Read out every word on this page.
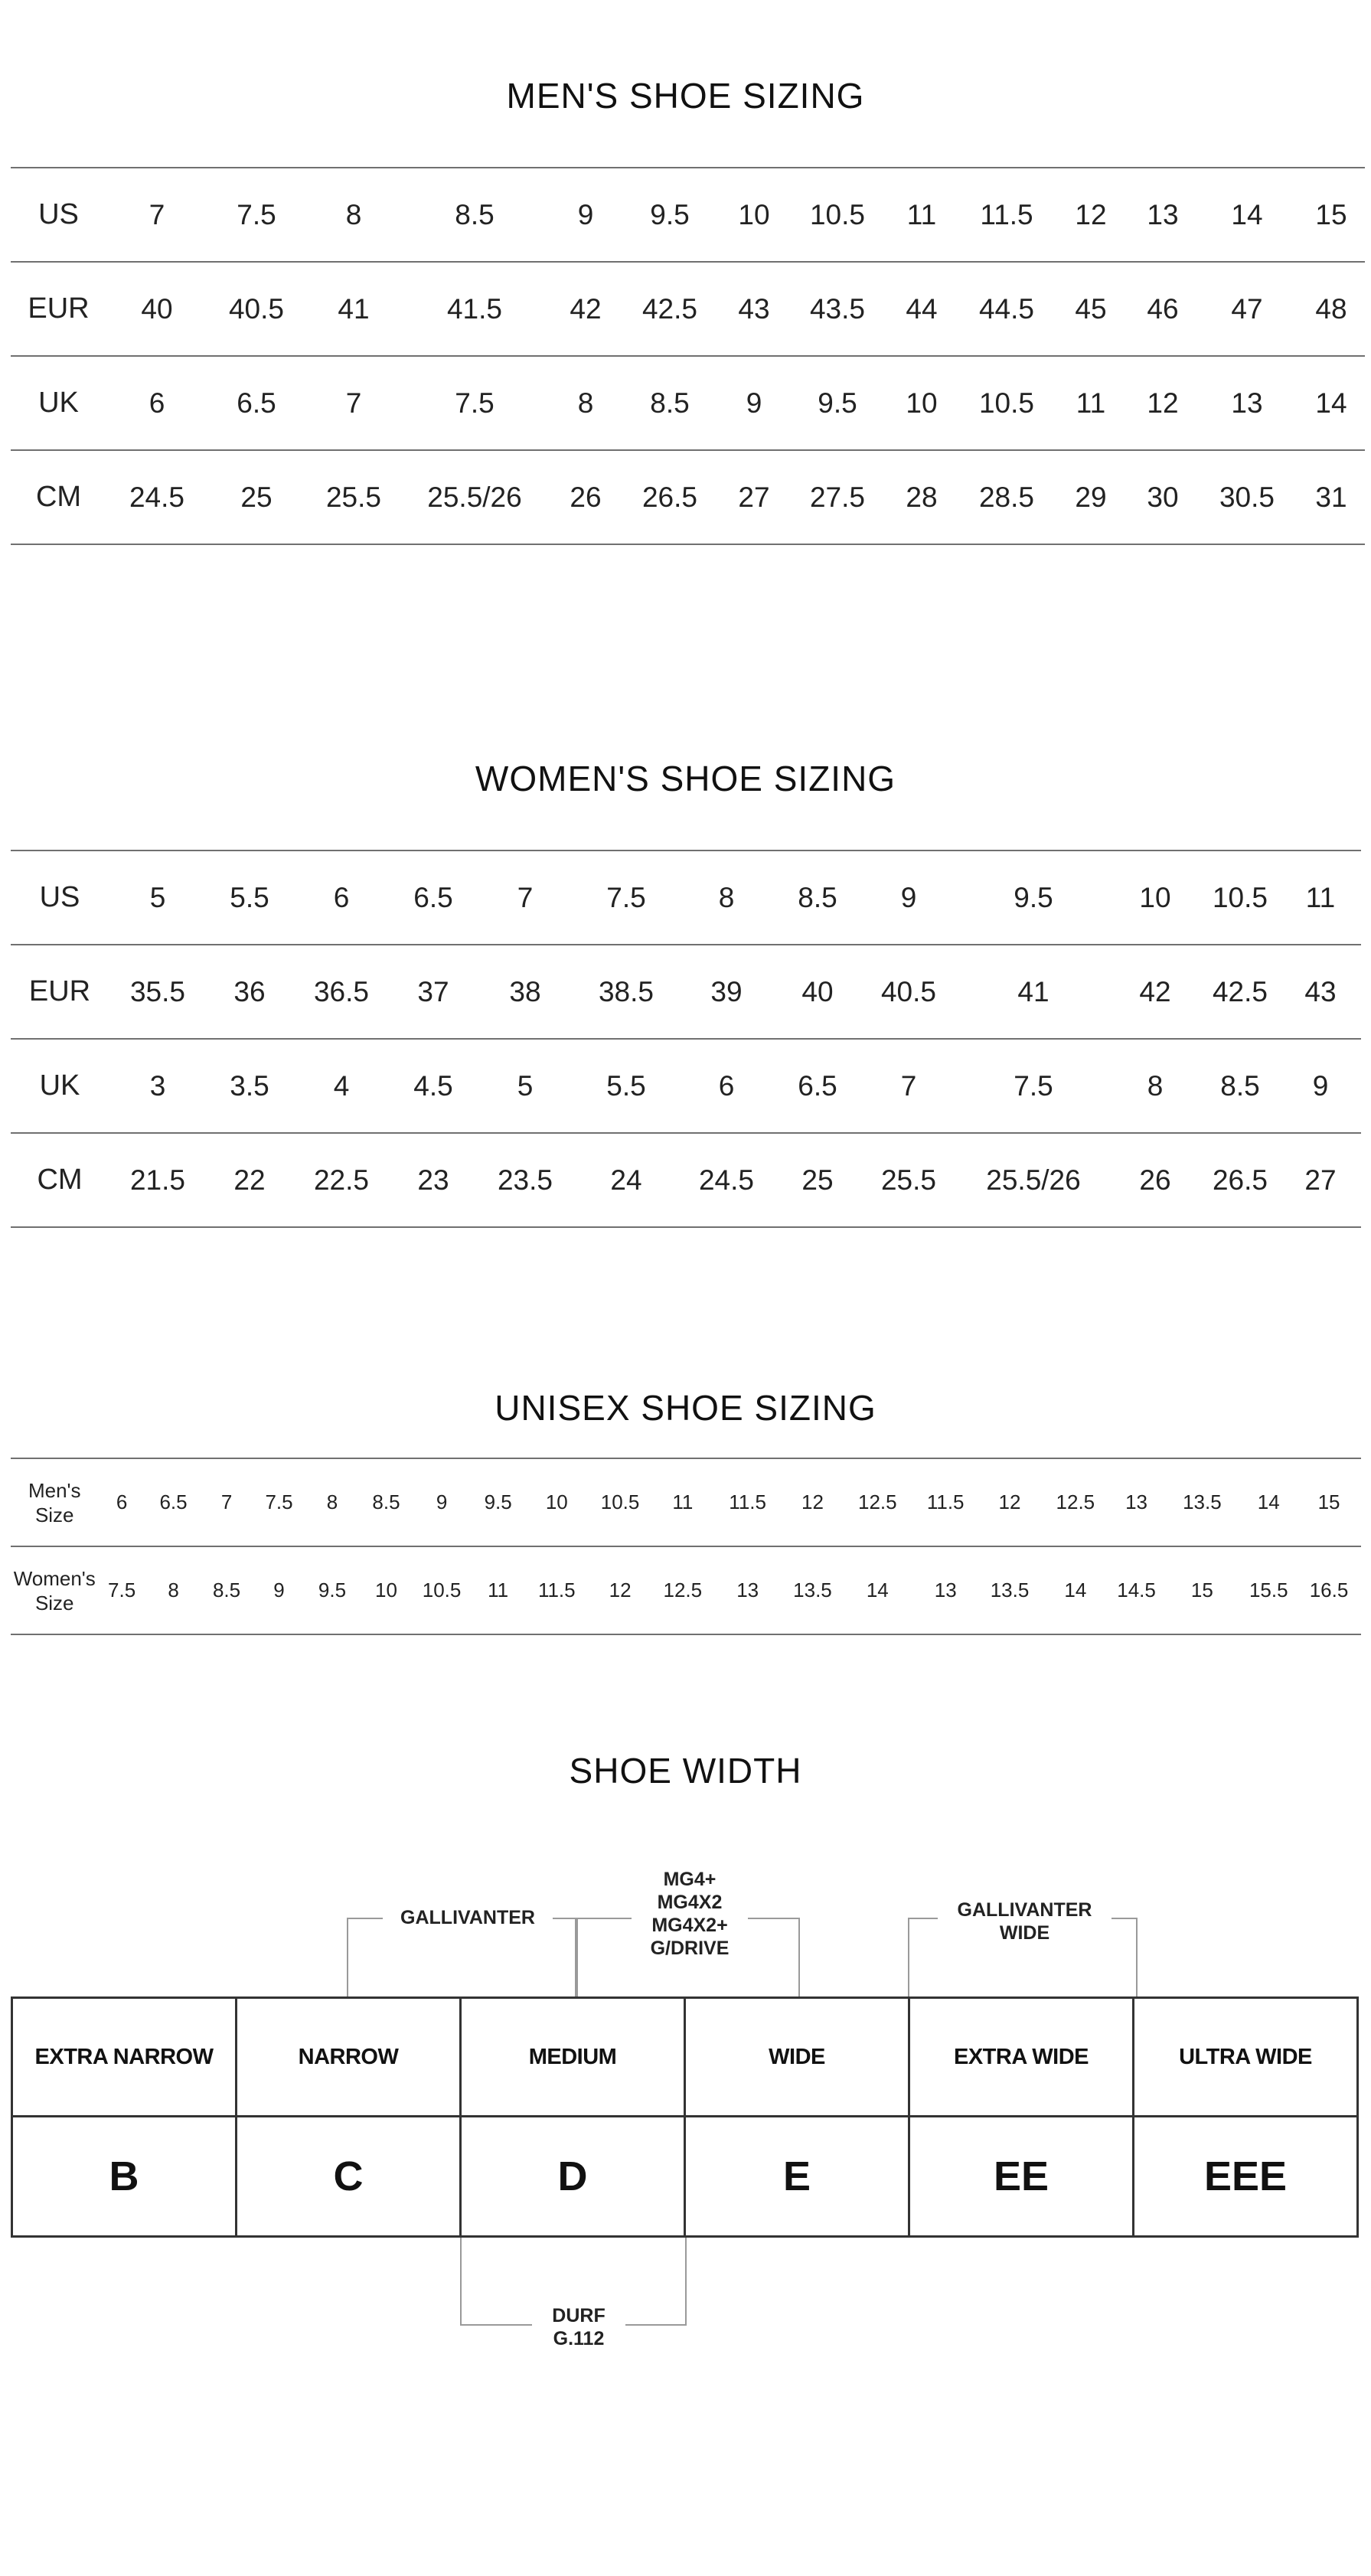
MEN'S SHOE SIZING
US	7	7.5	8	8.5	9	9.5	10	10.5	11	11.5	12	13	14	15
EUR	40	40.5	41	41.5	42	42.5	43	43.5	44	44.5	45	46	47	48
UK	6	6.5	7	7.5	8	8.5	9	9.5	10	10.5	11	12	13	14
CM	24.5	25	25.5	25.5/26	26	26.5	27	27.5	28	28.5	29	30	30.5	31
WOMEN'S SHOE SIZING
US	5	5.5	6	6.5	7	7.5	8	8.5	9	9.5	10	10.5	11
EUR	35.5	36	36.5	37	38	38.5	39	40	40.5	41	42	42.5	43
UK	3	3.5	4	4.5	5	5.5	6	6.5	7	7.5	8	8.5	9
CM	21.5	22	22.5	23	23.5	24	24.5	25	25.5	25.5/26	26	26.5	27
UNISEX SHOE SIZING
Men's Size	6	6.5	7	7.5	8	8.5	9	9.5	10	10.5	11	11.5	12	12.5	11.5	12	12.5	13	13.5	14	15
Women's Size	7.5	8	8.5	9	9.5	10	10.5	11	11.5	12	12.5	13	13.5	14	13	13.5	14	14.5	15	15.5	16.5
SHOE WIDTH
GALLIVANTER
MG4+
MG4X2
MG4X2+
G/DRIVE
GALLIVANTER
WIDE
DURF
G.112
EXTRA NARROW	NARROW	MEDIUM	WIDE	EXTRA WIDE	ULTRA WIDE
B	C	D	E	EE	EEE
